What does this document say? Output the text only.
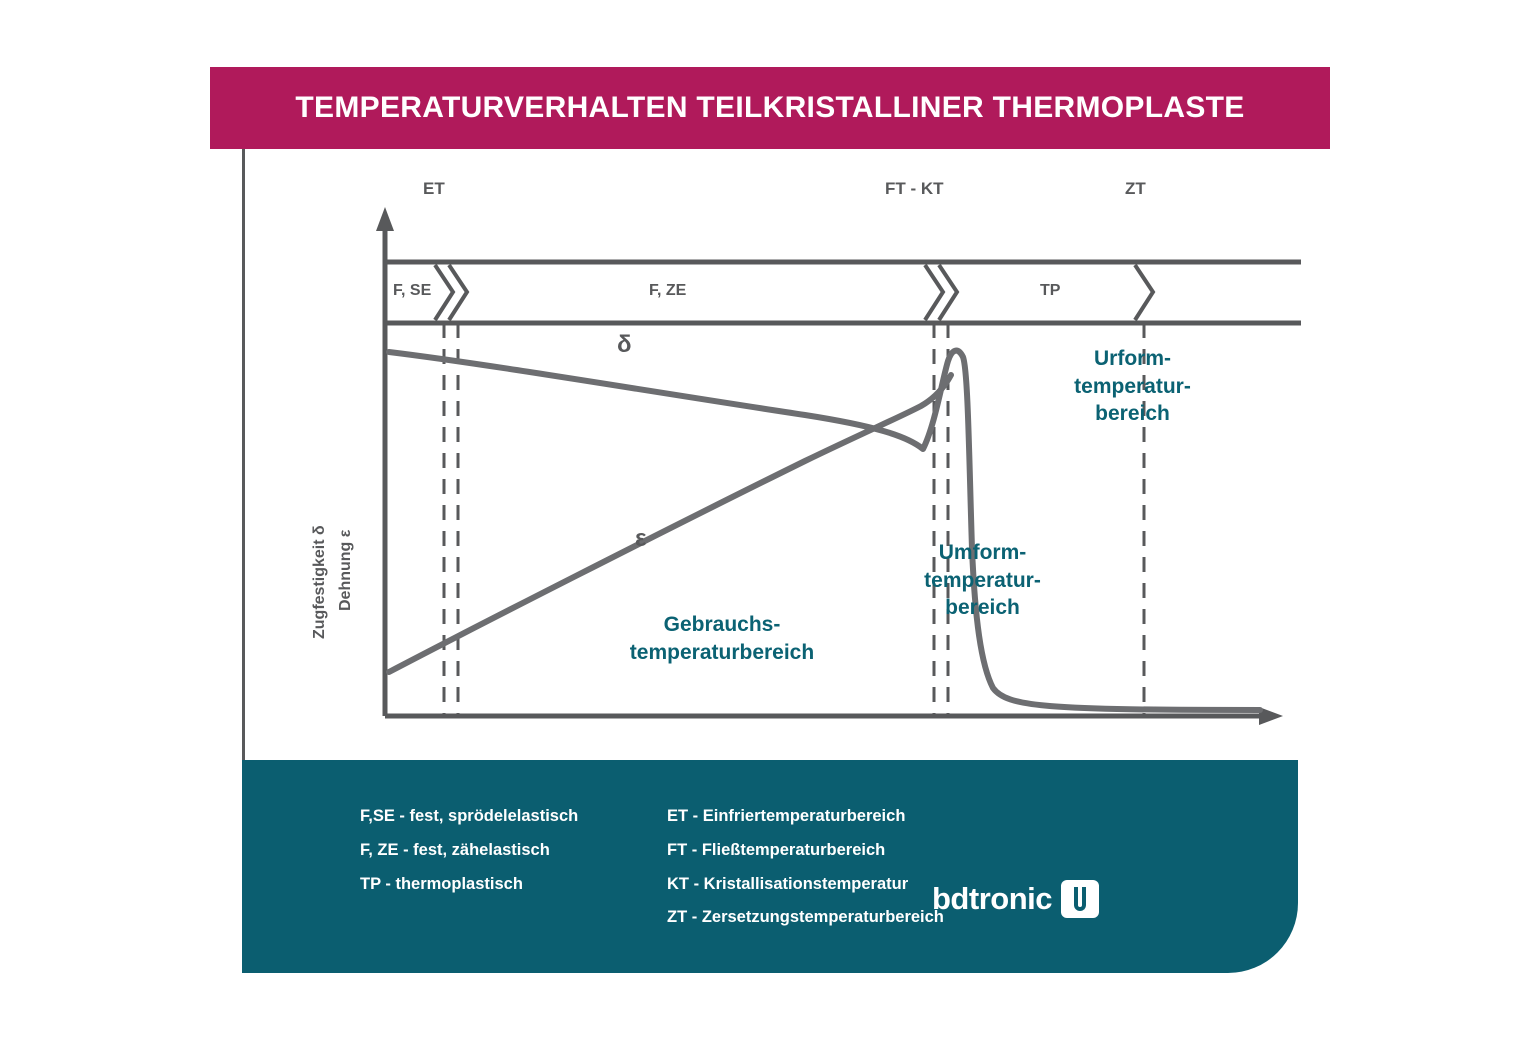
TEMPERATURVERHALTEN TEILKRISTALLINER THERMOPLASTE
Zugfestigkeit δ Dehnung ε
ET	FT - KT	ZT
F, SE	F, ZE	TP
δ
ε
Gebrauchs-
temperaturbereich
Umform-
temperatur-
bereich
Urform-
temperatur-
bereich
F,SE - fest, sprödelelastisch
F, ZE - fest, zähelastisch
TP - thermoplastisch
ET - Einfriertemperaturbereich
FT - Fließtemperaturbereich
KT - Kristallisationstemperatur
ZT - Zersetzungstemperaturbereich
bdtronic
